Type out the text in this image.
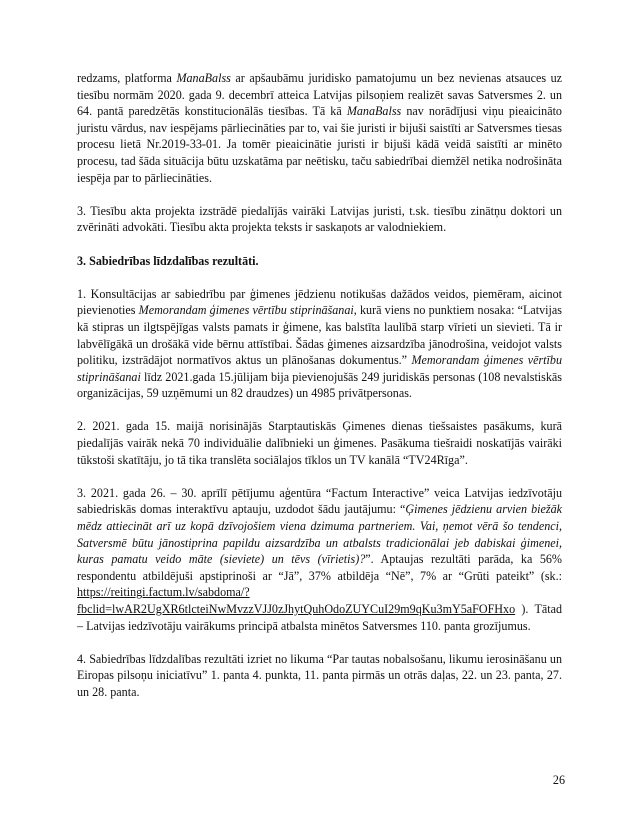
redzams, platforma ManaBalss ar apšaubāmu juridisko pamatojumu un bez nevienas atsauces uz tiesību normām 2020. gada 9. decembrī atteica Latvijas pilsoņiem realizēt savas Satversmes 2. un 64. pantā paredzētās konstitucionālās tiesības. Tā kā ManaBalss nav norādījusi viņu pieaicināto juristu vārdus, nav iespējams pārliecināties par to, vai šie juristi ir bijuši saistīti ar Satversmes tiesas procesu lietā Nr.2019-33-01. Ja tomēr pieaicinātie juristi ir bijuši kādā veidā saistīti ar minēto procesu, tad šāda situācija būtu uzskatāma par neētisku, taču sabiedrībai diemžēl netika nodrošināta iespēja par to pārliecināties.

3. Tiesību akta projekta izstrādē piedalījās vairāki Latvijas juristi, t.sk. tiesību zinātņu doktori un zvērināti advokāti. Tiesību akta projekta teksts ir saskaņots ar valodniekiem.

3. Sabiedrības līdzdalības rezultāti.

1. Konsultācijas ar sabiedrību par ģimenes jēdzienu notikušas dažādos veidos, piemēram, aicinot pievienoties Memorandam ģimenes vērtību stiprināšanai, kurā viens no punktiem nosaka: “Latvijas kā stipras un ilgtspējīgas valsts pamats ir ģimene, kas balstīta laulībā starp vīrieti un sievieti. Tā ir labvēlīgākā un drošākā vide bērnu attīstībai. Šādas ģimenes aizsardzība jānodrošina, veidojot valsts politiku, izstrādājot normatīvos aktus un plānošanas dokumentus.” Memorandam ģimenes vērtību stiprināšanai līdz 2021.gada 15.jūlijam bija pievienojušās 249 juridiskās personas (108 nevalstiskās organizācijas, 59 uzņēmumi un 82 draudzes) un 4985 privātpersonas.

2. 2021. gada 15. maijā norisinājās Starptautiskās Ģimenes dienas tiešsaistes pasākums, kurā piedalījās vairāk nekā 70 individuālie dalībnieki un ģimenes. Pasākuma tiešraidi noskatījās vairāki tūkstoši skatītāju, jo tā tika translēta sociālajos tīklos un TV kanālā “TV24Rīga”.

3. 2021. gada 26. – 30. aprīlī pētījumu aģentūra “Factum Interactive” veica Latvijas iedzīvotāju sabiedriskās domas interaktīvu aptauju, uzdodot šādu jautājumu: “Ģimenes jēdzienu arvien biežāk mēdz attiecināt arī uz kopā dzīvojošiem viena dzimuma partneriem. Vai, ņemot vērā šo tendenci, Satversmē būtu jānostiprina papildu aizsardzība un atbalsts tradicionālai jeb dabiskai ģimenei, kuras pamatu veido māte (sieviete) un tēvs (vīrietis)?”. Aptaujas rezultāti parāda, ka 56% respondentu atbildējuši apstiprinoši ar “Jā”, 37% atbildēja “Nē”, 7% ar “Grūti pateikt” (sk.: https://reitingi.factum.lv/sabdoma/?fbclid=lwAR2UgXR6tlcteiNwMvzzVJJ0zJhytQuhOdoZUYCuI29m9qKu3mY5aFOFHxo ). Tātad – Latvijas iedzīvotāju vairākums principā atbalsta minētos Satversmes 110. panta grozījumus.

4. Sabiedrības līdzdalības rezultāti izriet no likuma “Par tautas nobalsošanu, likumu ierosināšanu un Eiropas pilsoņu iniciatīvu” 1. panta 4. punkta, 11. panta pirmās un otrās daļas, 22. un 23. panta, 27. un 28. panta.

26
